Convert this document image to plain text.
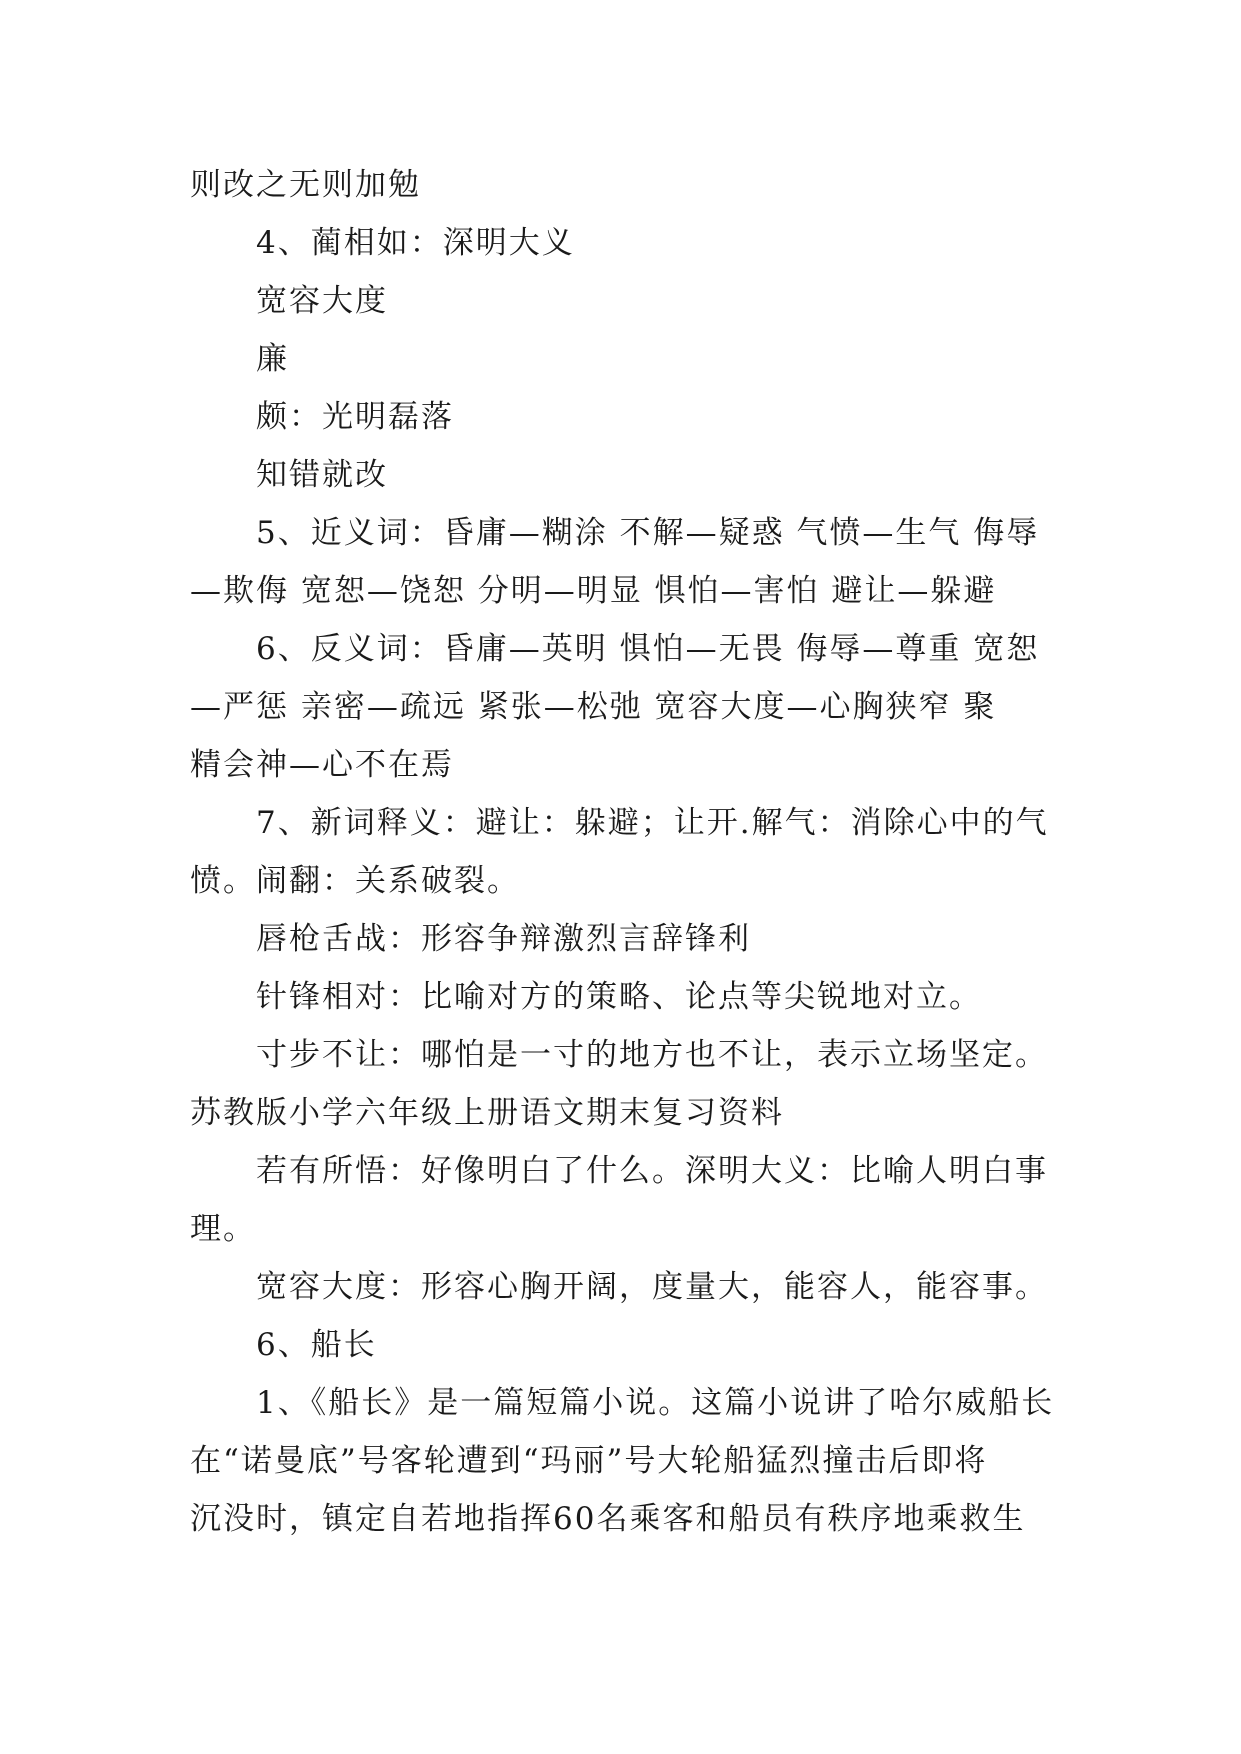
则改之无则加勉
4、蔺相如：深明大义
宽容大度
廉
颇：光明磊落
知错就改
5、近义词：昏庸—糊涂 不解—疑惑 气愤—生气 侮辱
—欺侮 宽恕—饶恕 分明—明显 惧怕—害怕 避让—躲避
6、反义词：昏庸—英明 惧怕—无畏 侮辱—尊重 宽恕
—严惩 亲密—疏远 紧张—松弛 宽容大度—心胸狭窄 聚
精会神—心不在焉
7、新词释义：避让：躲避；让开.解气：消除心中的气
愤。闹翻：关系破裂。
唇枪舌战：形容争辩激烈言辞锋利
针锋相对：比喻对方的策略、论点等尖锐地对立。
寸步不让：哪怕是一寸的地方也不让，表示立场坚定。
苏教版小学六年级上册语文期末复习资料
若有所悟：好像明白了什么。深明大义：比喻人明白事
理。
宽容大度：形容心胸开阔，度量大，能容人，能容事。
6、船长
1、《船长》是一篇短篇小说。这篇小说讲了哈尔威船长
在“诺曼底”号客轮遭到“玛丽”号大轮船猛烈撞击后即将
沉没时，镇定自若地指挥60名乘客和船员有秩序地乘救生
